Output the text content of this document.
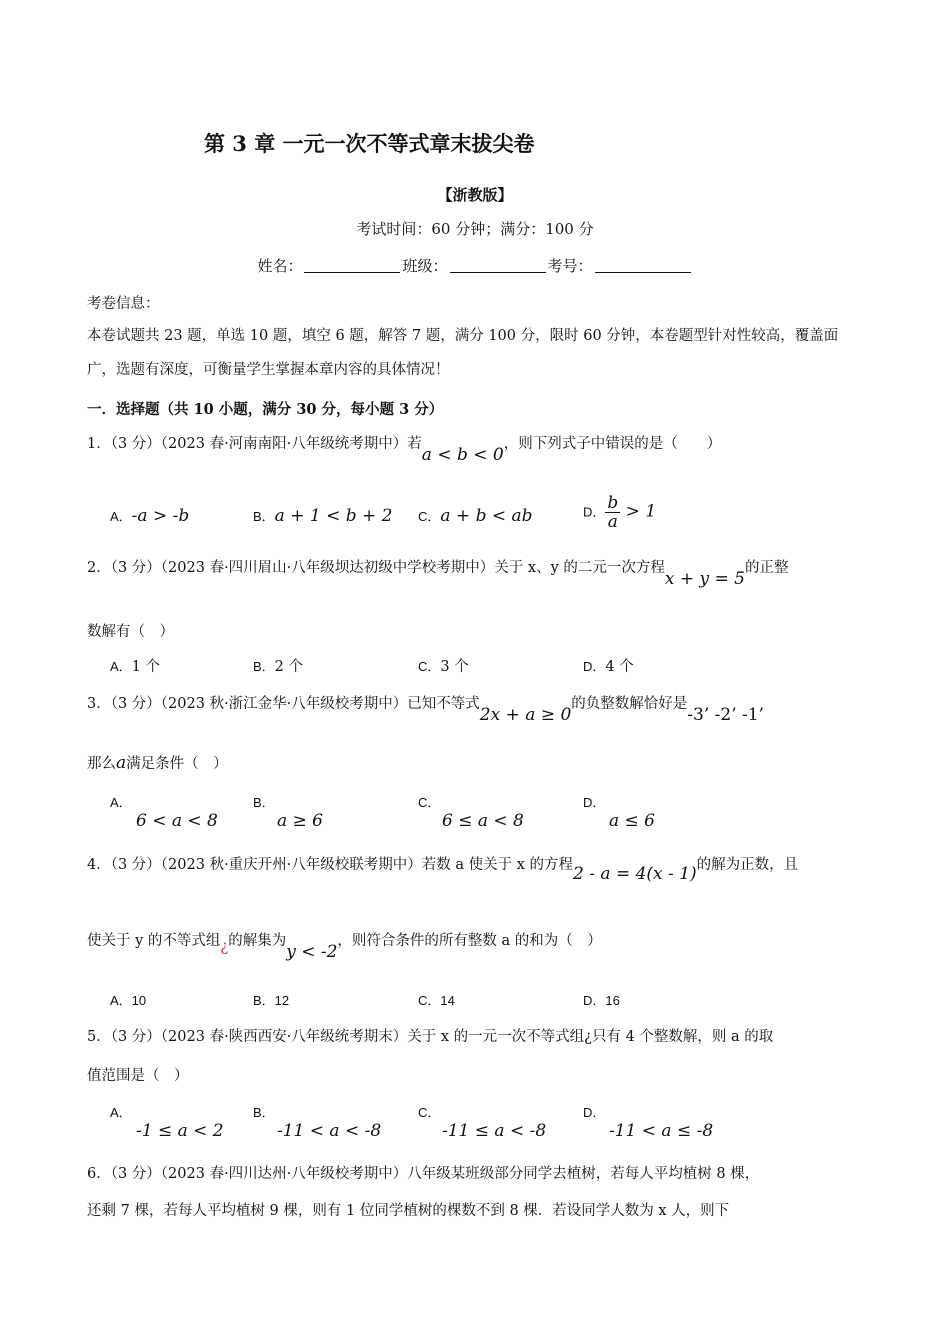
第 3 章 一元一次不等式章末拔尖卷
【浙教版】
考试时间：60 分钟；满分：100 分
姓名：	班级：	考号：
考卷信息：
本卷试题共 23 题，单选 10 题，填空 6 题，解答 7 题，满分 100 分，限时 60 分钟，本卷题型针对性较高，覆盖面广，选题有深度，可衡量学生掌握本章内容的具体情况！
一．选择题（共 10 小题，满分 30 分，每小题 3 分）
1．（3 分）（2023 春·河南南阳·八年级统考期中）若a < b < 0，则下列式子中错误的是（　　）
A．-a > -b	B．a + 1 < b + 2 C．a + b < ab	D． $\frac{b}{a} > 1$
2．（3 分）（2023 春·四川眉山·八年级坝达初级中学校考期中）关于 x、y 的二元一次方程x + y = 5的正整
数解有（　）
A．1 个	B．2 个	C．3 个	D．4 个
3．（3 分）（2023 秋·浙江金华·八年级校考期中）已知不等式2x + a ≥ 0的负整数解恰好是-3’ -2’ -1’
那么a满足条件（　）
A．
6 < a < 8
B．
a ≥ 6
C．
6 ≤ a < 8
D．
a ≤ 6
4．（3 分）（2023 秋·重庆开州·八年级校联考期中）若数 a 使关于 x 的方程2 - a = 4(x - 1)的解为正数，且
使关于 y 的不等式组¿的解集为y < -2，则符合条件的所有整数 a 的和为（　）
A．10	B．12	C．14	D．16
5．（3 分）（2023 春·陕西西安·八年级统考期末）关于 x 的一元一次不等式组¿只有 4 个整数解，则 a 的取
值范围是（　）
A．
-1 ≤ a < 2
B．
-11 < a < -8
C．
-11 ≤ a < -8
D．
-11 < a ≤ -8
6．（3 分）（2023 春·四川达州·八年级校考期中）八年级某班级部分同学去植树，若每人平均植树 8 棵，
还剩 7 棵，若每人平均植树 9 棵，则有 1 位同学植树的棵数不到 8 棵．若设同学人数为 x 人，则下
